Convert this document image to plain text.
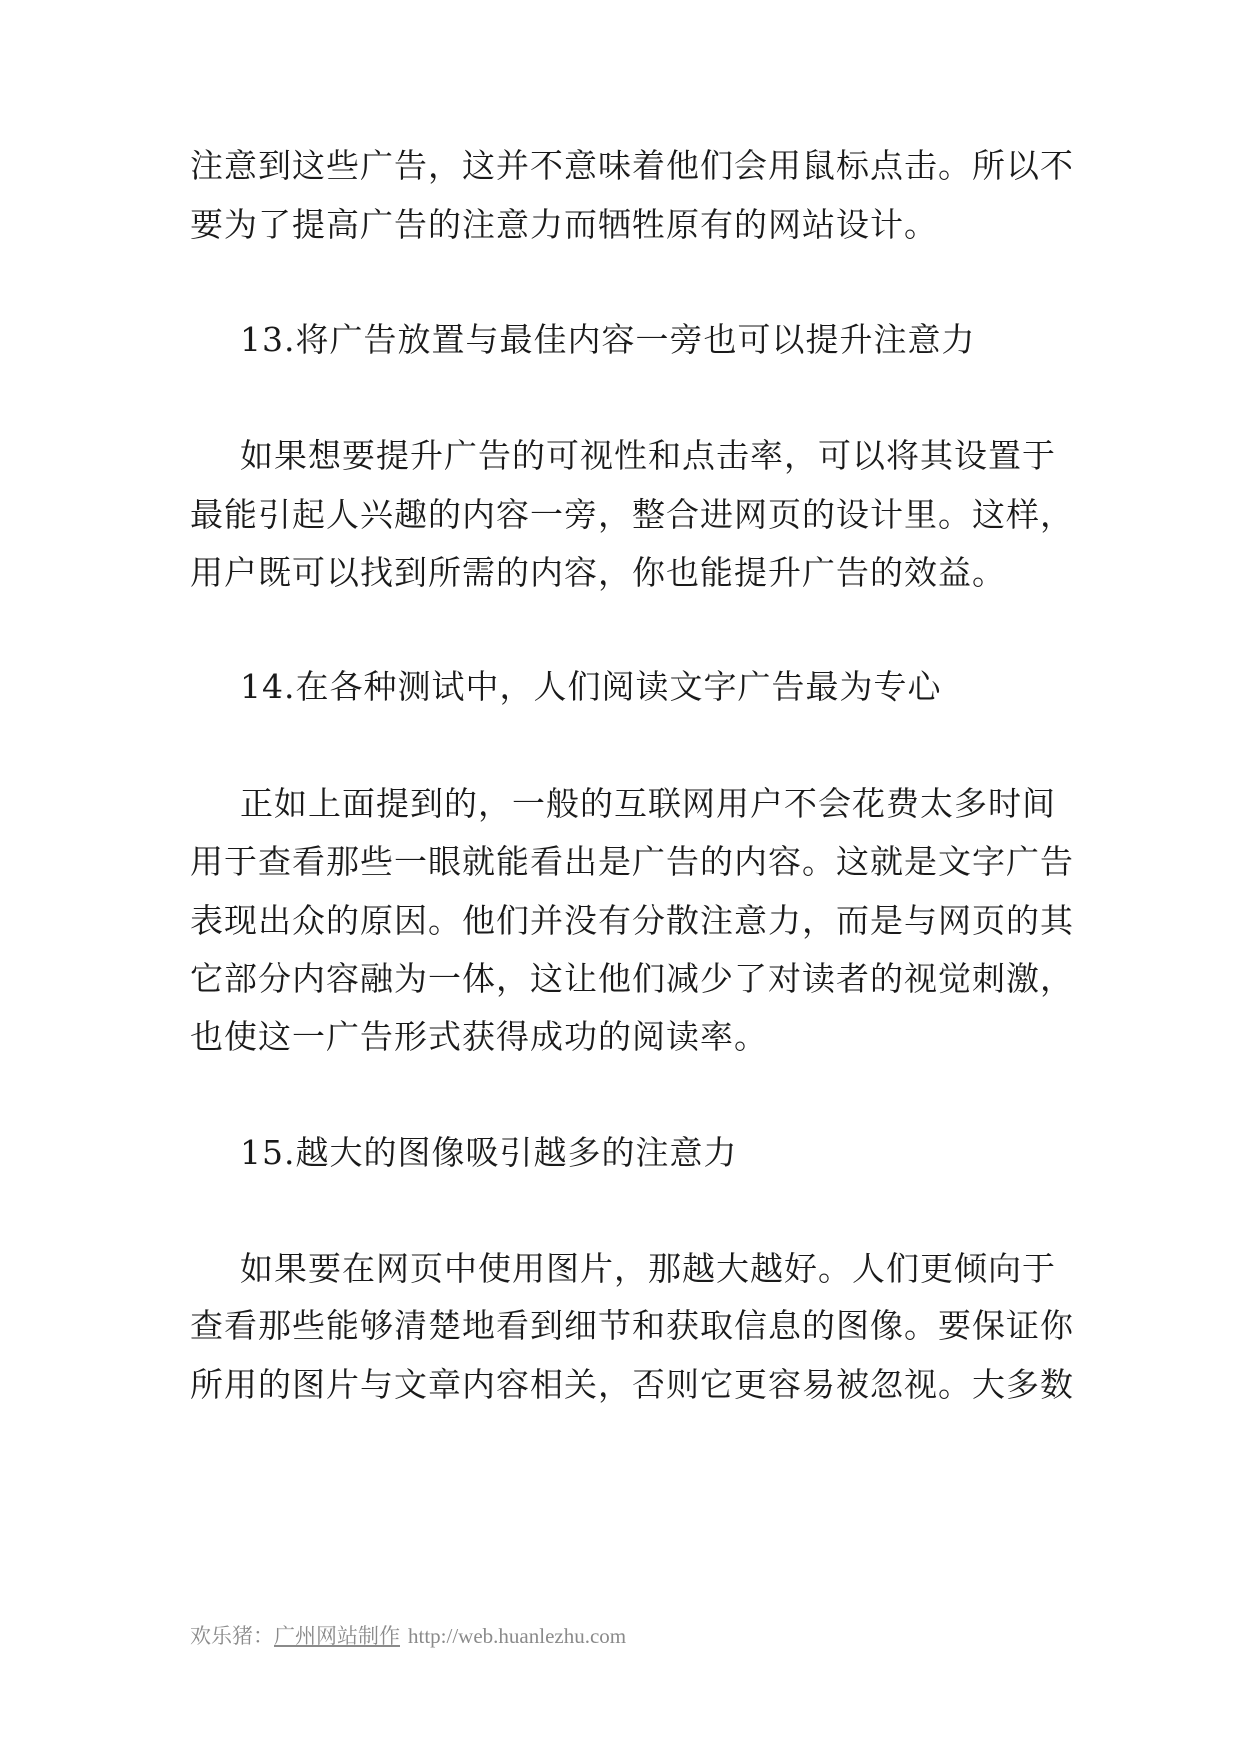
注意到这些广告，这并不意味着他们会用鼠标点击。所以不
要为了提高广告的注意力而牺牲原有的网站设计。
13.将广告放置与最佳内容一旁也可以提升注意力
如果想要提升广告的可视性和点击率，可以将其设置于
最能引起人兴趣的内容一旁，整合进网页的设计里。这样，
用户既可以找到所需的内容，你也能提升广告的效益。
14.在各种测试中，人们阅读文字广告最为专心
正如上面提到的，一般的互联网用户不会花费太多时间
用于查看那些一眼就能看出是广告的内容。这就是文字广告
表现出众的原因。他们并没有分散注意力，而是与网页的其
它部分内容融为一体，这让他们减少了对读者的视觉刺激，
也使这一广告形式获得成功的阅读率。
15.越大的图像吸引越多的注意力
如果要在网页中使用图片，那越大越好。人们更倾向于
查看那些能够清楚地看到细节和获取信息的图像。要保证你
所用的图片与文章内容相关，否则它更容易被忽视。大多数
欢乐猪：广州网站制作 http://web.huanlezhu.com
